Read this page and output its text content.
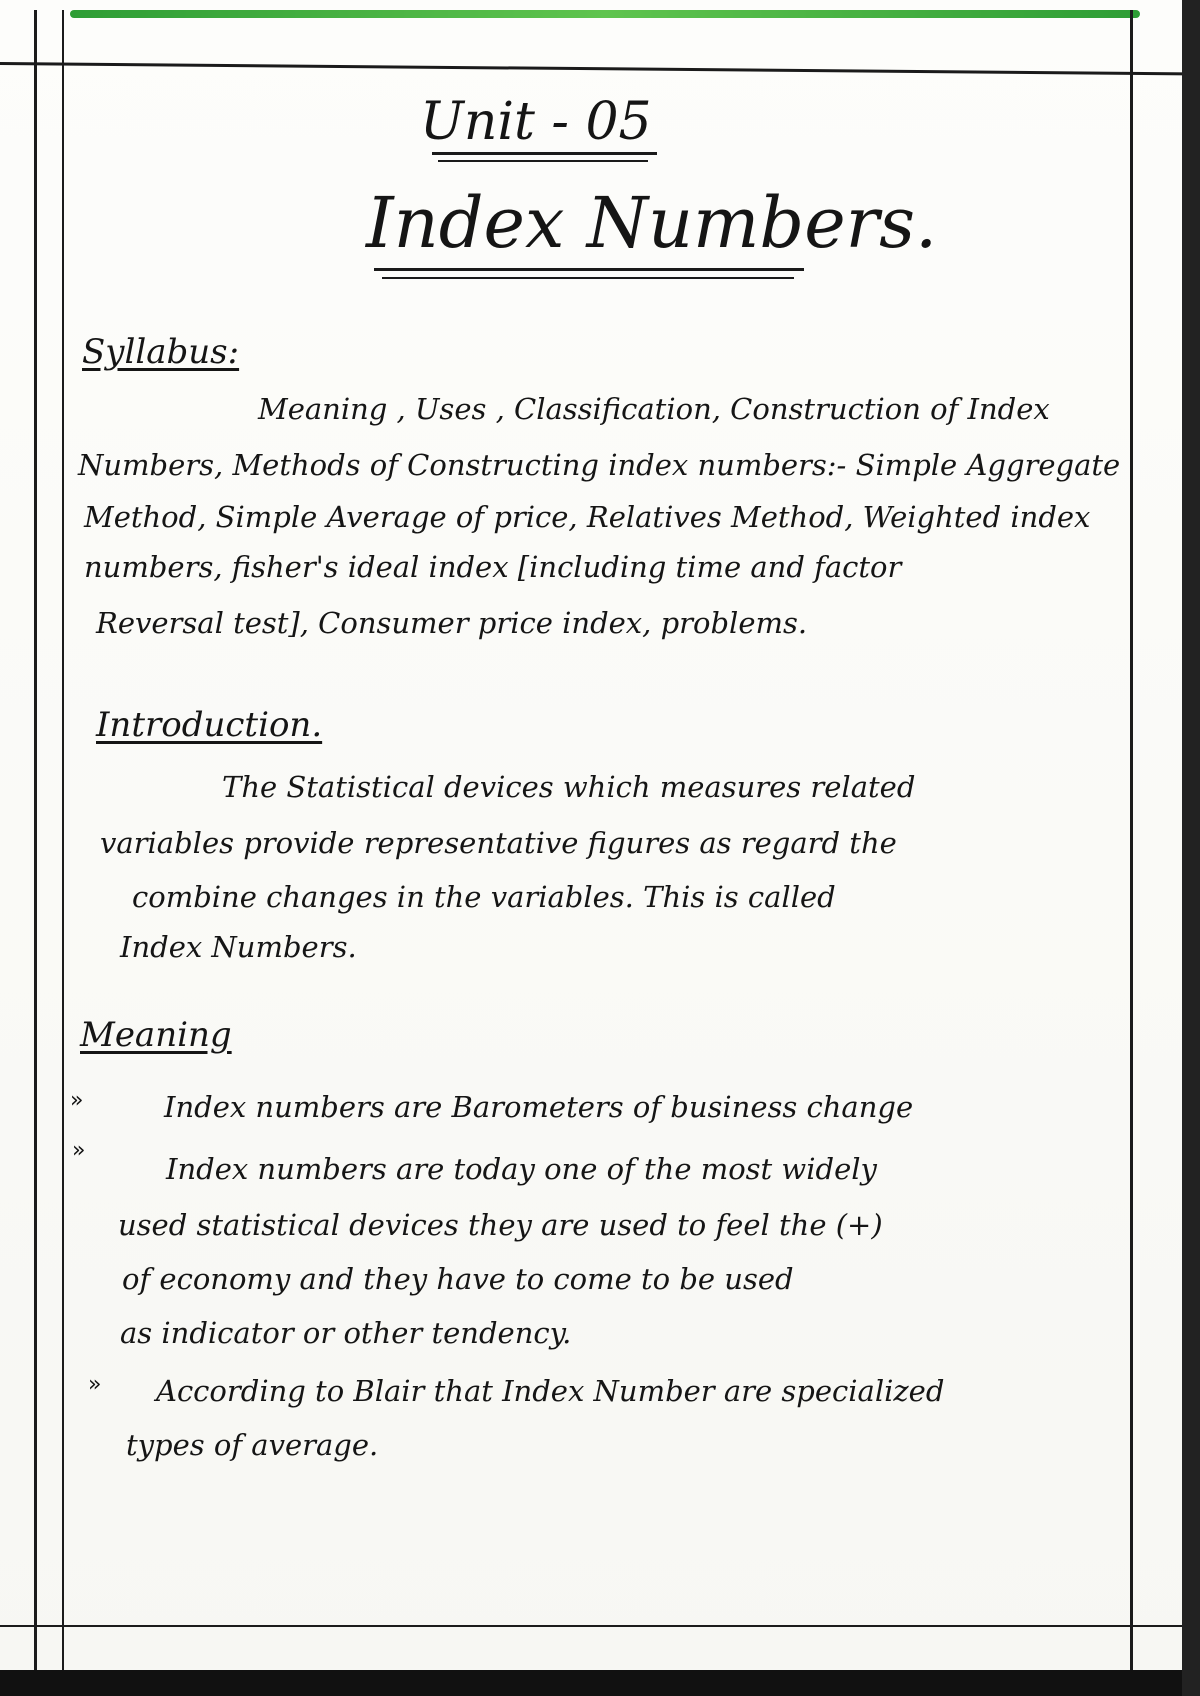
Unit - 05
Index Numbers.
Syllabus:
Meaning , Uses , Classification, Construction of Index
Numbers, Methods of Constructing index numbers:- Simple Aggregate
Method, Simple Average of price, Relatives Method, Weighted index
numbers, fisher's ideal index [including time and factor
Reversal test], Consumer price index, problems.
Introduction.
The Statistical devices which measures related
variables provide representative figures as regard the
combine changes in the variables. This is called
Index Numbers.
Meaning
»
»
»
Index numbers are Barometers of business change
Index numbers are today one of the most widely
used statistical devices they are used to feel the (+)
of economy and they have to come to be used
as indicator or other tendency.
According to Blair that Index Number are specialized
types of average.
